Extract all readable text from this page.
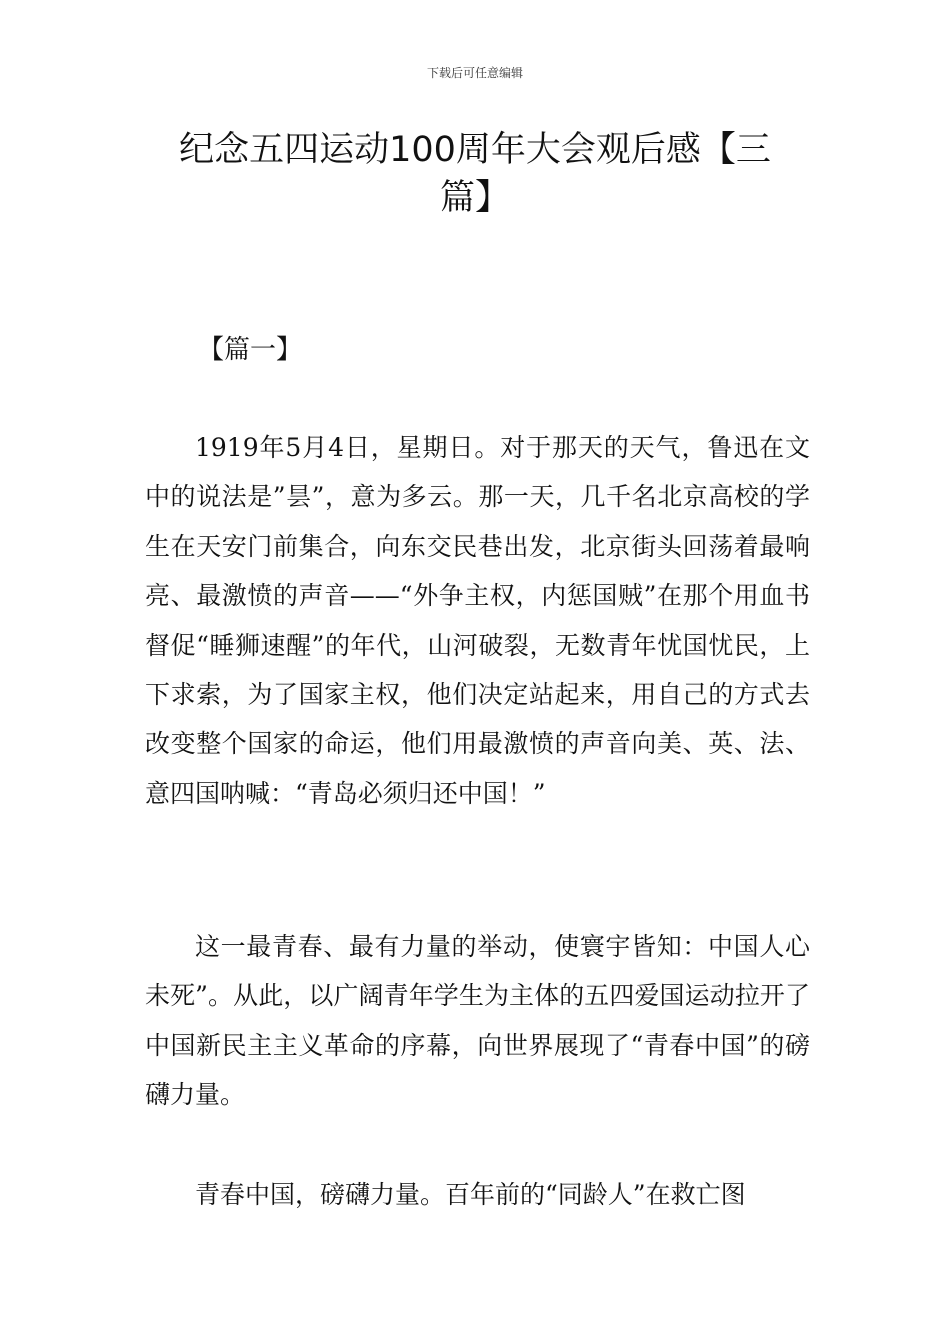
下载后可任意编辑
纪念五四运动100周年大会观后感【三篇】
【篇一】

1919年5月4日，星期日。对于那天的天气，鲁迅在文中的说法是”昙”，意为多云。那一天，几千名北京高校的学生在天安门前集合，向东交民巷出发，北京街头回荡着最响亮、最激愤的声音——“外争主权，内惩国贼”在那个用血书督促“睡狮速醒”的年代，山河破裂，无数青年忧国忧民，上下求索，为了国家主权，他们决定站起来，用自己的方式去改变整个国家的命运，他们用最激愤的声音向美、英、法、意四国呐喊：“青岛必须归还中国！”

这一最青春、最有力量的举动，使寰宇皆知：中国人心未死”。从此，以广阔青年学生为主体的五四爱国运动拉开了中国新民主主义革命的序幕，向世界展现了“青春中国”的磅礴力量。

青春中国，磅礴力量。百年前的“同龄人”在救亡图
